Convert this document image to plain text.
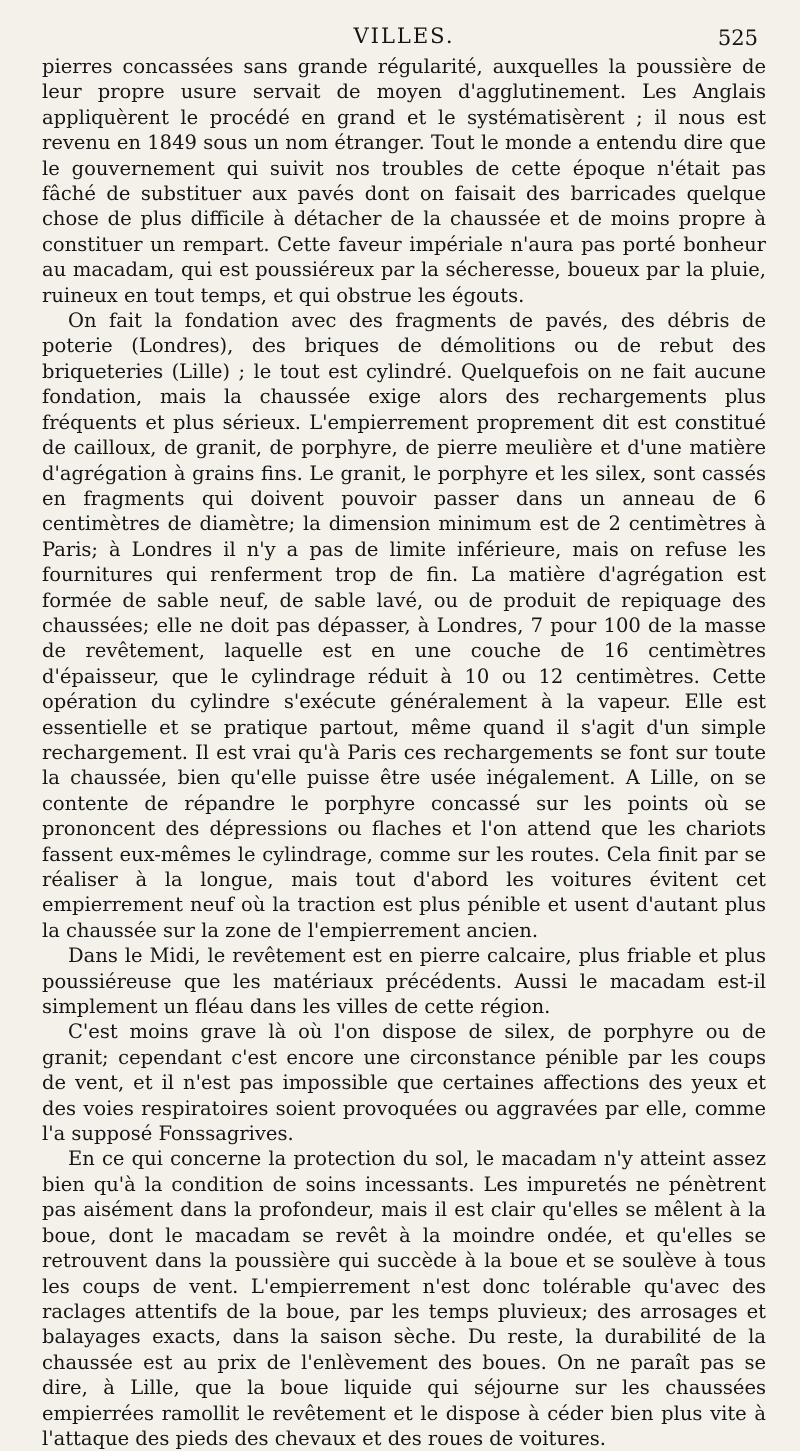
VILLES.	525

pierres concassées sans grande régularité, auxquelles la poussière de leur propre usure servait de moyen d'agglutinement. Les Anglais appliquèrent le procédé en grand et le systématisèrent ; il nous est revenu en 1849 sous un nom étranger. Tout le monde a entendu dire que le gouvernement qui suivit nos troubles de cette époque n'était pas fâché de substituer aux pavés dont on faisait des barricades quelque chose de plus difficile à détacher de la chaussée et de moins propre à constituer un rempart. Cette faveur impériale n'aura pas porté bonheur au macadam, qui est poussiéreux par la sécheresse, boueux par la pluie, ruineux en tout temps, et qui obstrue les égouts.

On fait la fondation avec des fragments de pavés, des débris de poterie (Londres), des briques de démolitions ou de rebut des briqueteries (Lille) ; le tout est cylindré. Quelquefois on ne fait aucune fondation, mais la chaussée exige alors des rechargements plus fréquents et plus sérieux. L'empierrement proprement dit est constitué de cailloux, de granit, de porphyre, de pierre meulière et d'une matière d'agrégation à grains fins. Le granit, le porphyre et les silex, sont cassés en fragments qui doivent pouvoir passer dans un anneau de 6 centimètres de diamètre; la dimension minimum est de 2 centimètres à Paris; à Londres il n'y a pas de limite inférieure, mais on refuse les fournitures qui renferment trop de fin. La matière d'agrégation est formée de sable neuf, de sable lavé, ou de produit de repiquage des chaussées; elle ne doit pas dépasser, à Londres, 7 pour 100 de la masse de revêtement, laquelle est en une couche de 16 centimètres d'épaisseur, que le cylindrage réduit à 10 ou 12 centimètres. Cette opération du cylindre s'exécute généralement à la vapeur. Elle est essentielle et se pratique partout, même quand il s'agit d'un simple rechargement. Il est vrai qu'à Paris ces rechargements se font sur toute la chaussée, bien qu'elle puisse être usée inégalement. A Lille, on se contente de répandre le porphyre concassé sur les points où se prononcent des dépressions ou flaches et l'on attend que les chariots fassent eux-mêmes le cylindrage, comme sur les routes. Cela finit par se réaliser à la longue, mais tout d'abord les voitures évitent cet empierrement neuf où la traction est plus pénible et usent d'autant plus la chaussée sur la zone de l'empierrement ancien.

Dans le Midi, le revêtement est en pierre calcaire, plus friable et plus poussiéreuse que les matériaux précédents. Aussi le macadam est-il simplement un fléau dans les villes de cette région.

C'est moins grave là où l'on dispose de silex, de porphyre ou de granit; cependant c'est encore une circonstance pénible par les coups de vent, et il n'est pas impossible que certaines affections des yeux et des voies respiratoires soient provoquées ou aggravées par elle, comme l'a supposé Fonssagrives.

En ce qui concerne la protection du sol, le macadam n'y atteint assez bien qu'à la condition de soins incessants. Les impuretés ne pénètrent pas aisément dans la profondeur, mais il est clair qu'elles se mêlent à la boue, dont le macadam se revêt à la moindre ondée, et qu'elles se retrouvent dans la poussière qui succède à la boue et se soulève à tous les coups de vent. L'empierrement n'est donc tolérable qu'avec des raclages attentifs de la boue, par les temps pluvieux; des arrosages et balayages exacts, dans la saison sèche. Du reste, la durabilité de la chaussée est au prix de l'enlèvement des boues. On ne paraît pas se dire, à Lille, que la boue liquide qui séjourne sur les chaussées empierrées ramollit le revêtement et le dispose à céder bien plus vite à l'attaque des pieds des chevaux et des roues de voitures.
